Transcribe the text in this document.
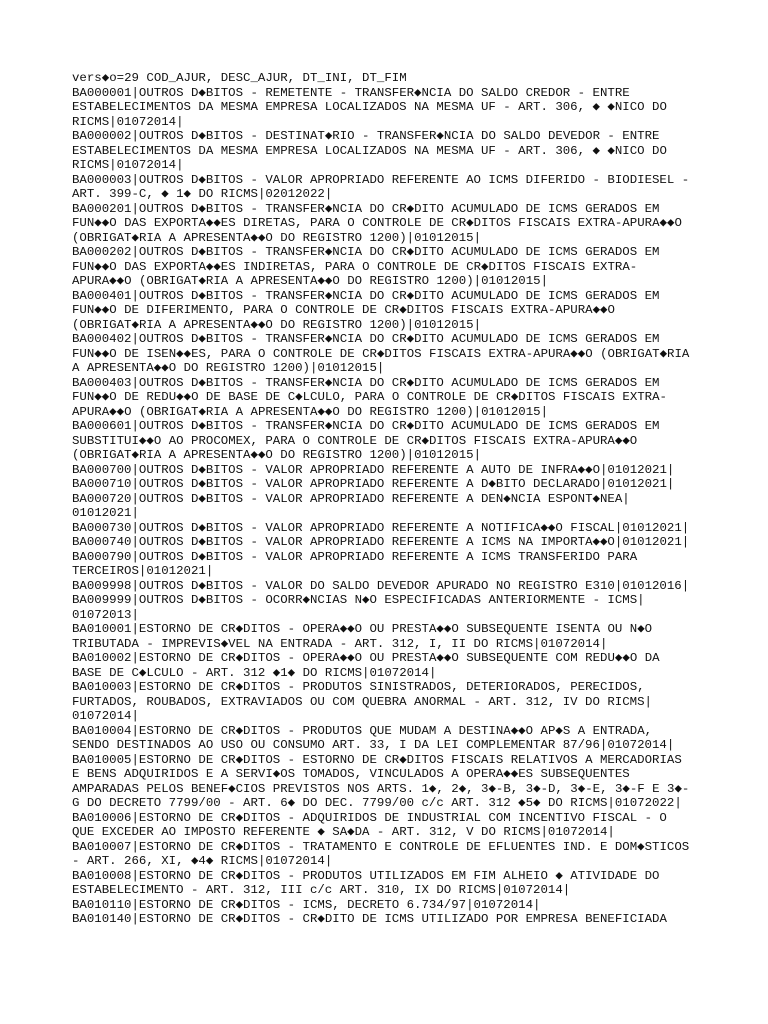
vers◆o=29 COD_AJUR, DESC_AJUR, DT_INI, DT_FIM
BA000001|OUTROS D◆BITOS - REMETENTE - TRANSFER◆NCIA DO SALDO CREDOR - ENTRE
ESTABELECIMENTOS DA MESMA EMPRESA LOCALIZADOS NA MESMA UF - ART. 306, ◆ ◆NICO DO
RICMS|01072014|
BA000002|OUTROS D◆BITOS - DESTINAT◆RIO - TRANSFER◆NCIA DO SALDO DEVEDOR - ENTRE
ESTABELECIMENTOS DA MESMA EMPRESA LOCALIZADOS NA MESMA UF - ART. 306, ◆ ◆NICO DO
RICMS|01072014|
BA000003|OUTROS D◆BITOS - VALOR APROPRIADO REFERENTE AO ICMS DIFERIDO - BIODIESEL -
ART. 399-C, ◆ 1◆ DO RICMS|02012022|
BA000201|OUTROS D◆BITOS - TRANSFER◆NCIA DO CR◆DITO ACUMULADO DE ICMS GERADOS EM
FUN◆◆O DAS EXPORTA◆◆ES DIRETAS, PARA O CONTROLE DE CR◆DITOS FISCAIS EXTRA-APURA◆◆O
(OBRIGAT◆RIA A APRESENTA◆◆O DO REGISTRO 1200)|01012015|
BA000202|OUTROS D◆BITOS - TRANSFER◆NCIA DO CR◆DITO ACUMULADO DE ICMS GERADOS EM
FUN◆◆O DAS EXPORTA◆◆ES INDIRETAS, PARA O CONTROLE DE CR◆DITOS FISCAIS EXTRA-
APURA◆◆O (OBRIGAT◆RIA A APRESENTA◆◆O DO REGISTRO 1200)|01012015|
BA000401|OUTROS D◆BITOS - TRANSFER◆NCIA DO CR◆DITO ACUMULADO DE ICMS GERADOS EM
FUN◆◆O DE DIFERIMENTO, PARA O CONTROLE DE CR◆DITOS FISCAIS EXTRA-APURA◆◆O
(OBRIGAT◆RIA A APRESENTA◆◆O DO REGISTRO 1200)|01012015|
BA000402|OUTROS D◆BITOS - TRANSFER◆NCIA DO CR◆DITO ACUMULADO DE ICMS GERADOS EM
FUN◆◆O DE ISEN◆◆ES, PARA O CONTROLE DE CR◆DITOS FISCAIS EXTRA-APURA◆◆O (OBRIGAT◆RIA
A APRESENTA◆◆O DO REGISTRO 1200)|01012015|
BA000403|OUTROS D◆BITOS - TRANSFER◆NCIA DO CR◆DITO ACUMULADO DE ICMS GERADOS EM
FUN◆◆O DE REDU◆◆O DE BASE DE C◆LCULO, PARA O CONTROLE DE CR◆DITOS FISCAIS EXTRA-
APURA◆◆O (OBRIGAT◆RIA A APRESENTA◆◆O DO REGISTRO 1200)|01012015|
BA000601|OUTROS D◆BITOS - TRANSFER◆NCIA DO CR◆DITO ACUMULADO DE ICMS GERADOS EM
SUBSTITUI◆◆O AO PROCOMEX, PARA O CONTROLE DE CR◆DITOS FISCAIS EXTRA-APURA◆◆O
(OBRIGAT◆RIA A APRESENTA◆◆O DO REGISTRO 1200)|01012015|
BA000700|OUTROS D◆BITOS - VALOR APROPRIADO REFERENTE A AUTO DE INFRA◆◆O|01012021|
BA000710|OUTROS D◆BITOS - VALOR APROPRIADO REFERENTE A D◆BITO DECLARADO|01012021|
BA000720|OUTROS D◆BITOS - VALOR APROPRIADO REFERENTE A DEN◆NCIA ESPONT◆NEA|
01012021|
BA000730|OUTROS D◆BITOS - VALOR APROPRIADO REFERENTE A NOTIFICA◆◆O FISCAL|01012021|
BA000740|OUTROS D◆BITOS - VALOR APROPRIADO REFERENTE A ICMS NA IMPORTA◆◆O|01012021|
BA000790|OUTROS D◆BITOS - VALOR APROPRIADO REFERENTE A ICMS TRANSFERIDO PARA
TERCEIROS|01012021|
BA009998|OUTROS D◆BITOS - VALOR DO SALDO DEVEDOR APURADO NO REGISTRO E310|01012016|
BA009999|OUTROS D◆BITOS - OCORR◆NCIAS N◆O ESPECIFICADAS ANTERIORMENTE - ICMS|
01072013|
BA010001|ESTORNO DE CR◆DITOS - OPERA◆◆O OU PRESTA◆◆O SUBSEQUENTE ISENTA OU N◆O
TRIBUTADA - IMPREVIS◆VEL NA ENTRADA - ART. 312, I, II DO RICMS|01072014|
BA010002|ESTORNO DE CR◆DITOS - OPERA◆◆O OU PRESTA◆◆O SUBSEQUENTE COM REDU◆◆O DA
BASE DE C◆LCULO - ART. 312 ◆1◆ DO RICMS|01072014|
BA010003|ESTORNO DE CR◆DITOS - PRODUTOS SINISTRADOS, DETERIORADOS, PERECIDOS,
FURTADOS, ROUBADOS, EXTRAVIADOS OU COM QUEBRA ANORMAL - ART. 312, IV DO RICMS|
01072014|
BA010004|ESTORNO DE CR◆DITOS - PRODUTOS QUE MUDAM A DESTINA◆◆O AP◆S A ENTRADA,
SENDO DESTINADOS AO USO OU CONSUMO ART. 33, I DA LEI COMPLEMENTAR 87/96|01072014|
BA010005|ESTORNO DE CR◆DITOS - ESTORNO DE CR◆DITOS FISCAIS RELATIVOS A MERCADORIAS
E BENS ADQUIRIDOS E A SERVI◆OS TOMADOS, VINCULADOS A OPERA◆◆ES SUBSEQUENTES
AMPARADAS PELOS BENEF◆CIOS PREVISTOS NOS ARTS. 1◆, 2◆, 3◆-B, 3◆-D, 3◆-E, 3◆-F E 3◆-
G DO DECRETO 7799/00 - ART. 6◆ DO DEC. 7799/00 c/c ART. 312 ◆5◆ DO RICMS|01072022|
BA010006|ESTORNO DE CR◆DITOS - ADQUIRIDOS DE INDUSTRIAL COM INCENTIVO FISCAL - O
QUE EXCEDER AO IMPOSTO REFERENTE ◆ SA◆DA - ART. 312, V DO RICMS|01072014|
BA010007|ESTORNO DE CR◆DITOS - TRATAMENTO E CONTROLE DE EFLUENTES IND. E DOM◆STICOS
- ART. 266, XI, ◆4◆ RICMS|01072014|
BA010008|ESTORNO DE CR◆DITOS - PRODUTOS UTILIZADOS EM FIM ALHEIO ◆ ATIVIDADE DO
ESTABELECIMENTO - ART. 312, III c/c ART. 310, IX DO RICMS|01072014|
BA010110|ESTORNO DE CR◆DITOS - ICMS, DECRETO 6.734/97|01072014|
BA010140|ESTORNO DE CR◆DITOS - CR◆DITO DE ICMS UTILIZADO POR EMPRESA BENEFICIADA
